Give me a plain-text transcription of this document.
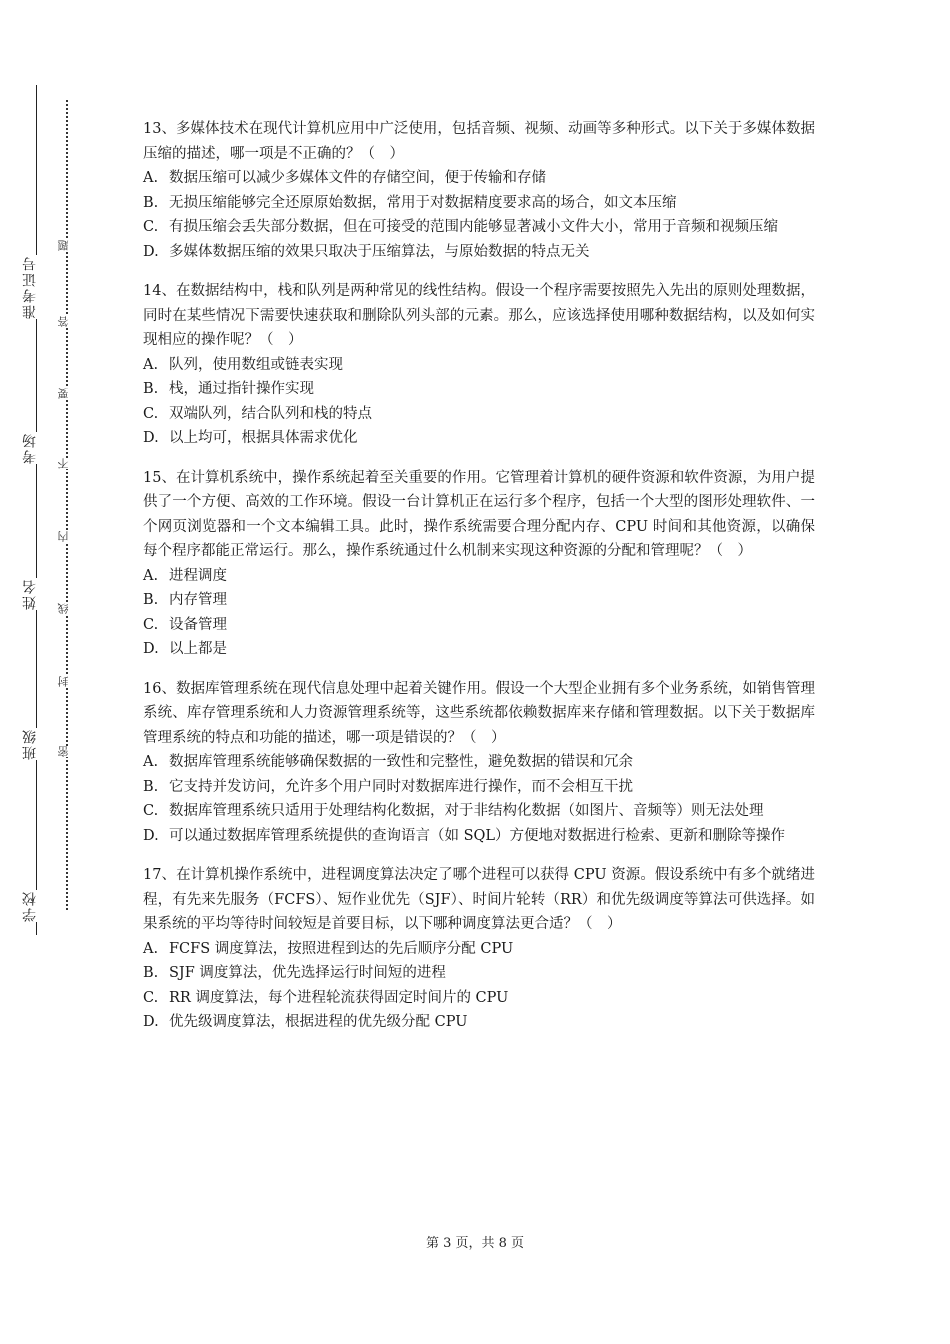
准考证号
考场
姓名
班级
学校
题
答
要
不
内
线
封
密

13、多媒体技术在现代计算机应用中广泛使用，包括音频、视频、动画等多种形式。以下关于多媒体数据压缩的描述，哪一项是不正确的？（　）

A. 数据压缩可以减少多媒体文件的存储空间，便于传输和存储

B. 无损压缩能够完全还原原始数据，常用于对数据精度要求高的场合，如文本压缩

C. 有损压缩会丢失部分数据，但在可接受的范围内能够显著减小文件大小，常用于音频和视频压缩

D. 多媒体数据压缩的效果只取决于压缩算法，与原始数据的特点无关

14、在数据结构中，栈和队列是两种常见的线性结构。假设一个程序需要按照先入先出的原则处理数据，同时在某些情况下需要快速获取和删除队列头部的元素。那么，应该选择使用哪种数据结构，以及如何实现相应的操作呢？（　）

A. 队列，使用数组或链表实现

B. 栈，通过指针操作实现

C. 双端队列，结合队列和栈的特点

D. 以上均可，根据具体需求优化

15、在计算机系统中，操作系统起着至关重要的作用。它管理着计算机的硬件资源和软件资源，为用户提供了一个方便、高效的工作环境。假设一台计算机正在运行多个程序，包括一个大型的图形处理软件、一个网页浏览器和一个文本编辑工具。此时，操作系统需要合理分配内存、CPU 时间和其他资源，以确保每个程序都能正常运行。那么，操作系统通过什么机制来实现这种资源的分配和管理呢？（　）

A. 进程调度

B. 内存管理

C. 设备管理

D. 以上都是

16、数据库管理系统在现代信息处理中起着关键作用。假设一个大型企业拥有多个业务系统，如销售管理系统、库存管理系统和人力资源管理系统等，这些系统都依赖数据库来存储和管理数据。以下关于数据库管理系统的特点和功能的描述，哪一项是错误的？（　）

A. 数据库管理系统能够确保数据的一致性和完整性，避免数据的错误和冗余

B. 它支持并发访问，允许多个用户同时对数据库进行操作，而不会相互干扰

C. 数据库管理系统只适用于处理结构化数据，对于非结构化数据（如图片、音频等）则无法处理

D. 可以通过数据库管理系统提供的查询语言（如 SQL）方便地对数据进行检索、更新和删除等操作

17、在计算机操作系统中，进程调度算法决定了哪个进程可以获得 CPU 资源。假设系统中有多个就绪进程，有先来先服务（FCFS）、短作业优先（SJF）、时间片轮转（RR）和优先级调度等算法可供选择。如果系统的平均等待时间较短是首要目标，以下哪种调度算法更合适？（　）

A. FCFS 调度算法，按照进程到达的先后顺序分配 CPU

B. SJF 调度算法，优先选择运行时间短的进程

C. RR 调度算法，每个进程轮流获得固定时间片的 CPU

D. 优先级调度算法，根据进程的优先级分配 CPU

第 3 页，共 8 页
